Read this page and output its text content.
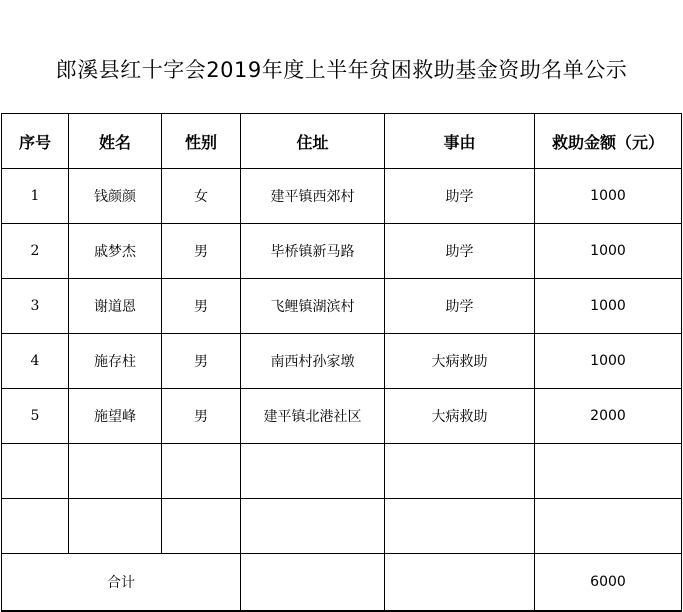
郎溪县红十字会2019年度上半年贫困救助基金资助名单公示
序号	姓名	性别	住址	事由	救助金额（元）
1	钱颜颜	女	建平镇西郊村	助学	1000
2	戚梦杰	男	毕桥镇新马路	助学	1000
3	谢道恩	男	飞鲤镇湖滨村	助学	1000
4	施存柱	男	南西村孙家墩	大病救助	1000
5	施望峰	男	建平镇北港社区	大病救助	2000

合计					6000
